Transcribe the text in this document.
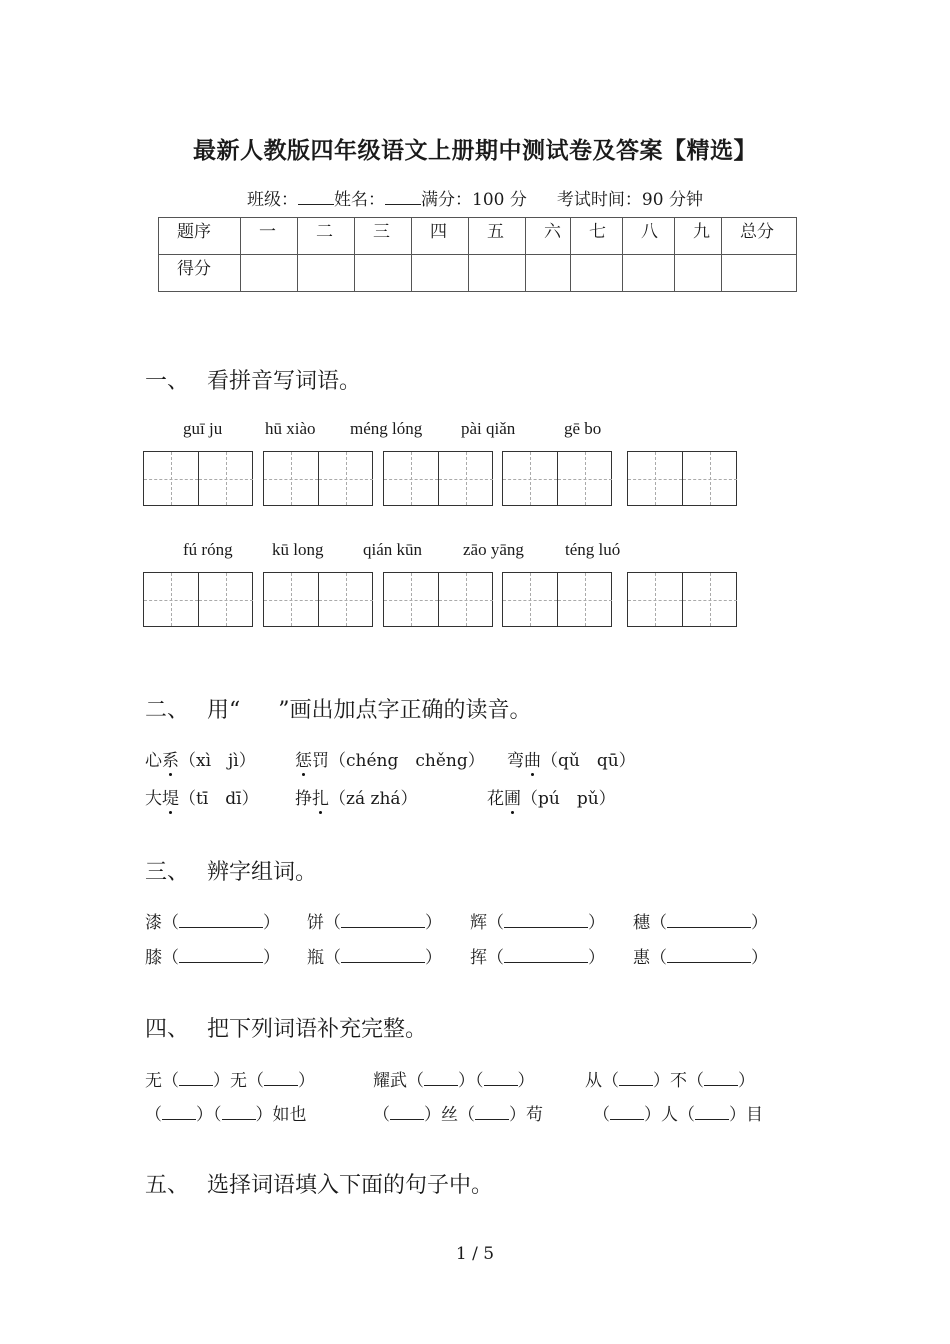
最新人教版四年级语文上册期中测试卷及答案【精选】
班级： 姓名： 满分：100 分 考试时间：90 分钟
题序	一	二	三	四	五	六	七	八	九	总分
得分										
一、 看拼音写词语。
guī ju	hū xiào méng lóng pài qiǎn	gē bo
fú róng kū long qián kūn zāo yāng téng luó
二、 用“ ”画出加点字正确的读音。
心系（xì　jì） 惩罚（chéng　chěng） 弯曲（qǔ　qū）
大堤（tī　dī） 挣扎（zá zhá）	花圃（pú　pǔ）
三、 辨字组词。
漆（	） 饼（	） 辉（	） 穗（	）
膝（	） 瓶（	） 挥（	） 惠（	）
四、 把下列词语补充完整。
无（ ）无（ ）	耀武（ ）（ ）	从（ ）不（ ）
（ ）（ ）如也	（ ）丝（ ）苟	（ ）人（ ）目
五、 选择词语填入下面的句子中。
1 / 5
